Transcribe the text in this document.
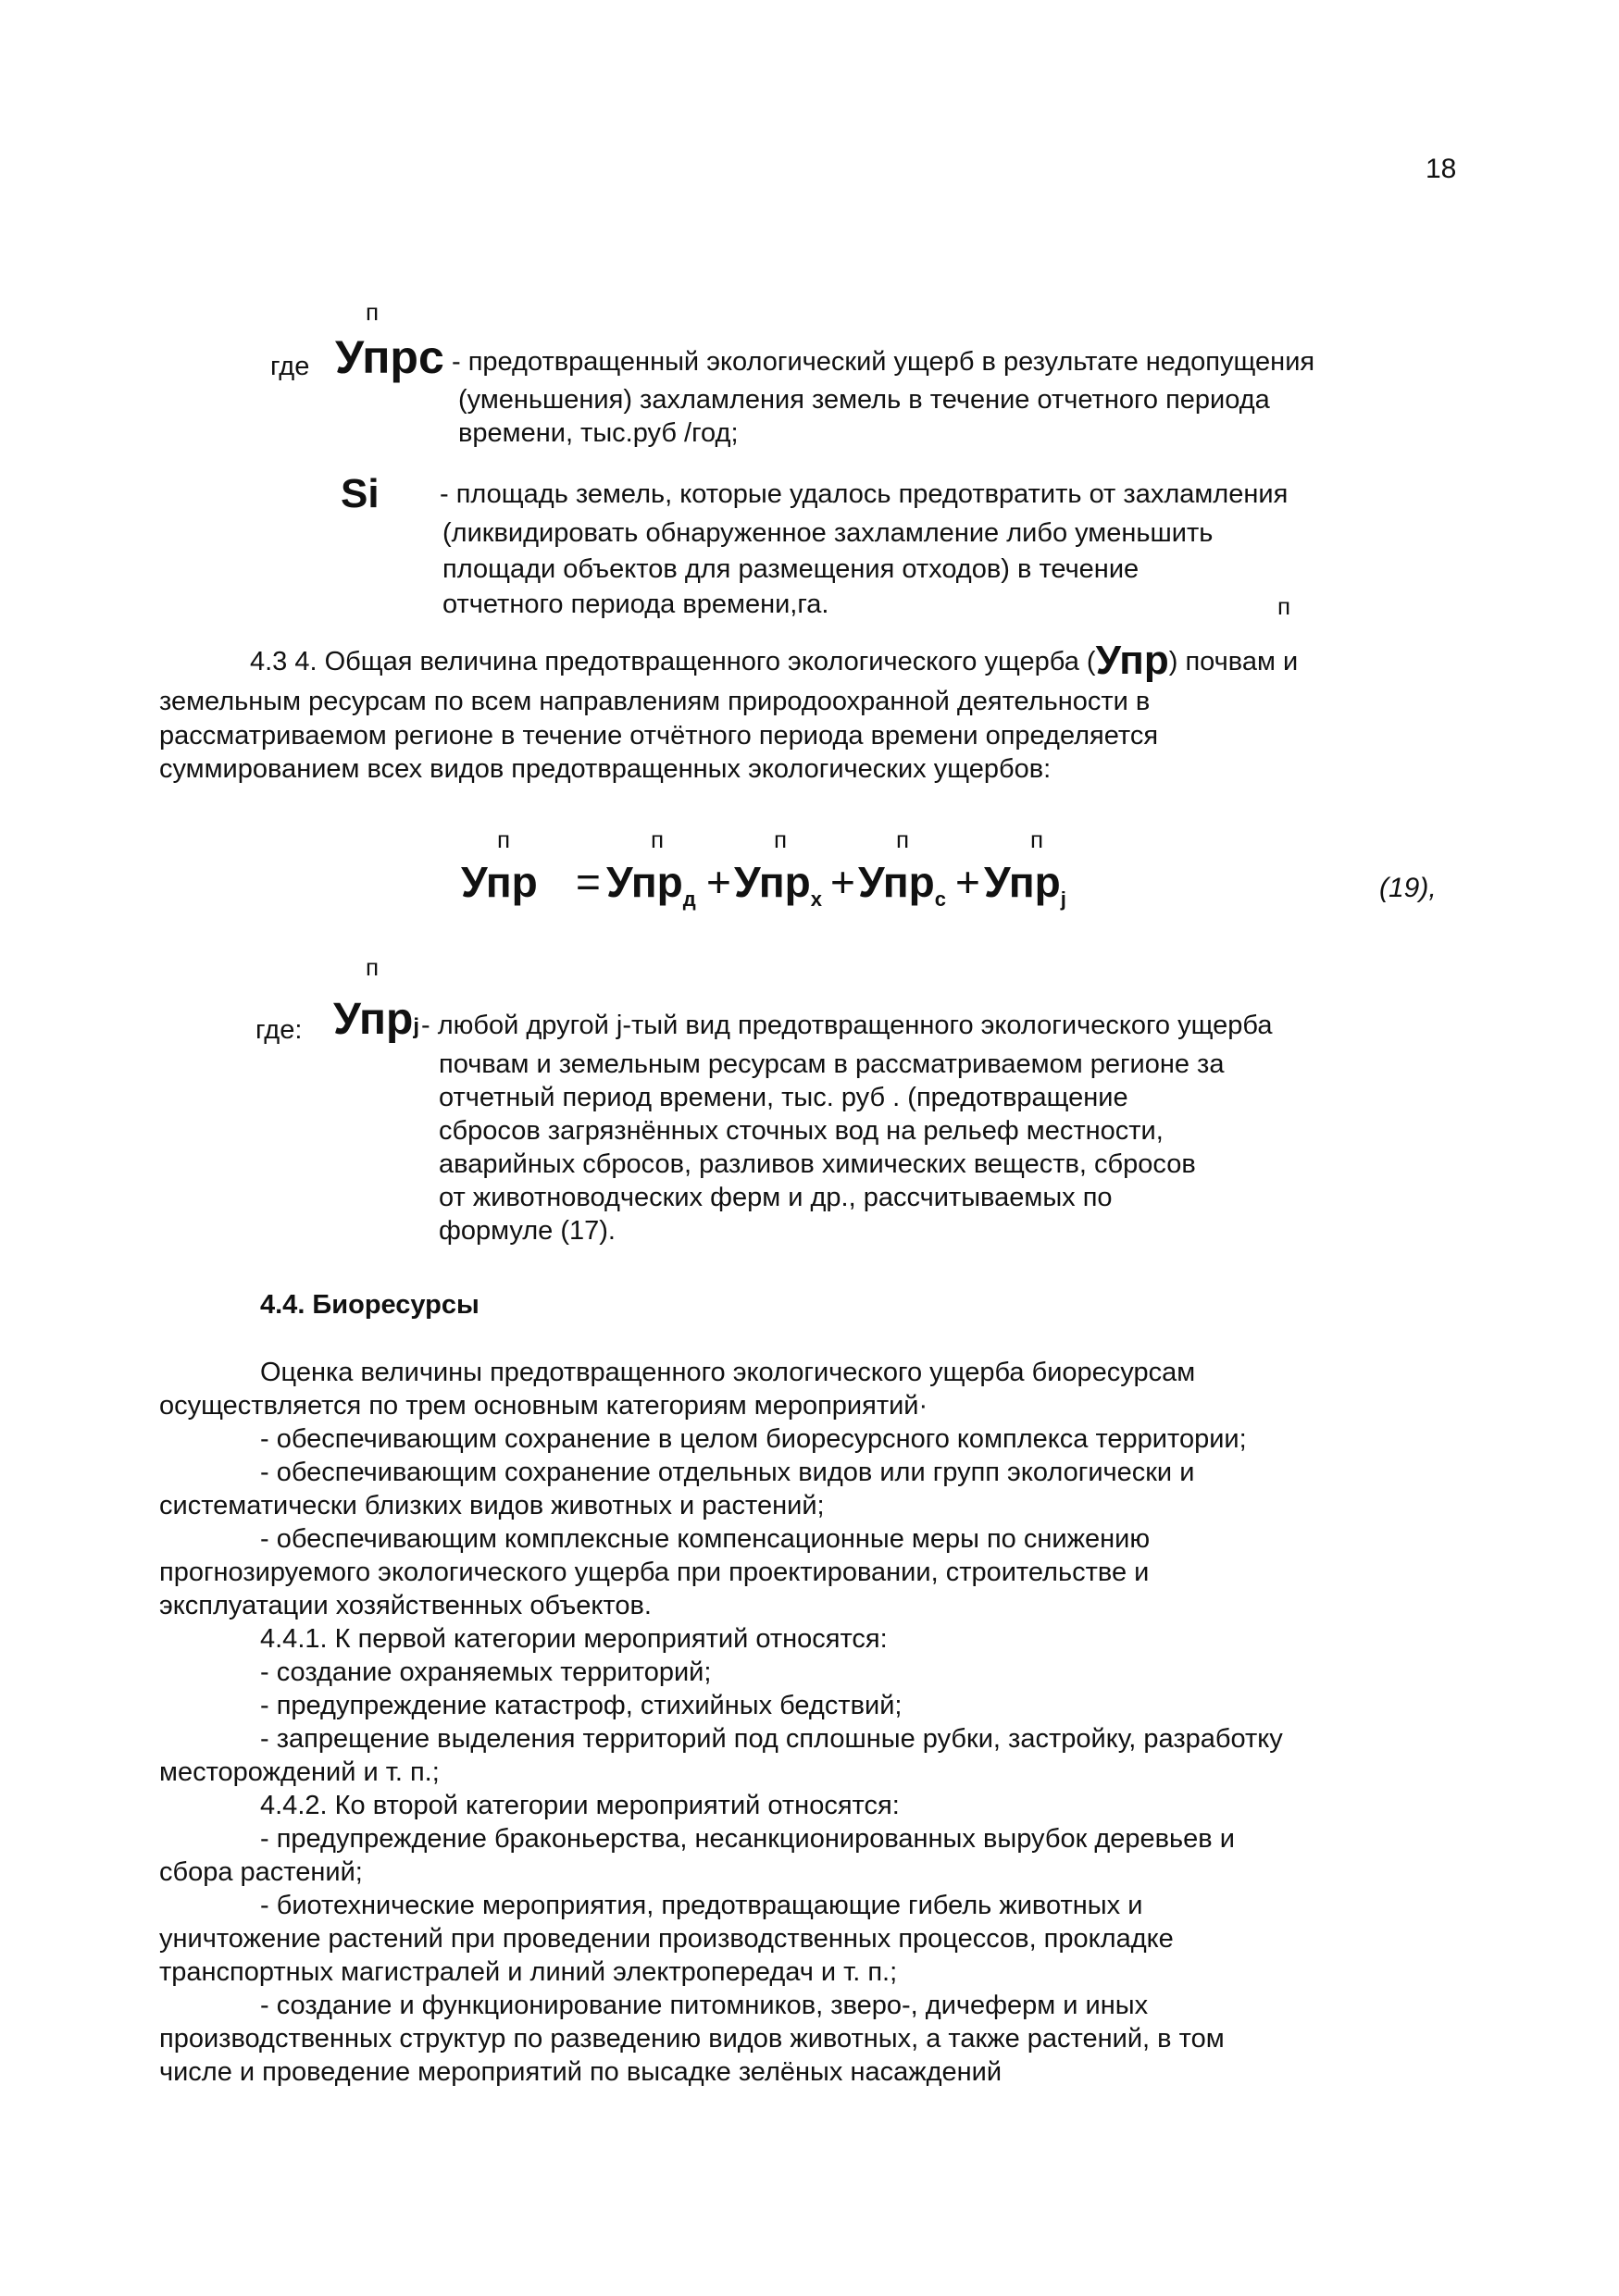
18
п
где Упрс - предотвращенный экологический ущерб в результате недопущения
(уменьшения) захламления земель в течение отчетного периода
времени, тыс.руб /год;
Si - площадь земель, которые удалось предотвратить от захламления
(ликвидировать обнаруженное захламление либо уменьшить
площади объектов для размещения отходов) в течение
отчетного периода времени,га.	п
4.3 4. Общая величина предотвращенного экологического ущерба (Упр) почвам и
земельным ресурсам по всем направлениям природоохранной деятельности в
рассматриваемом регионе в течение отчётного периода времени определяется
суммированием всех видов предотвращенных экологических ущербов:
п	п	п	п	п
Упр = Упр$_д$ + Упр$_х$ + Упр$_с$ + Упр$_j$	(19),
п
где: Упрj - любой другой j-тый вид предотвращенного экологического ущерба
почвам и земельным ресурсам в рассматриваемом регионе за
отчетный период времени, тыс. руб . (предотвращение
сбросов загрязнённых сточных вод на рельеф местности,
аварийных сбросов, разливов химических веществ, сбросов
от животноводческих ферм и др., рассчитываемых по
формуле (17).
4.4. Биоресурсы
Оценка величины предотвращенного экологического ущерба биоресурсам
осуществляется по трем основным категориям мероприятий·
- обеспечивающим сохранение в целом биоресурсного комплекса территории;
- обеспечивающим сохранение отдельных видов или групп экологически и
систематически близких видов животных и растений;
- обеспечивающим комплексные компенсационные меры по снижению
прогнозируемого экологического ущерба при проектировании, строительстве и
эксплуатации хозяйственных объектов.
4.4.1. К первой категории мероприятий относятся:
- создание охраняемых территорий;
- предупреждение катастроф, стихийных бедствий;
- запрещение выделения территорий под сплошные рубки, застройку, разработку
месторождений и т. п.;
4.4.2. Ко второй категории мероприятий относятся:
- предупреждение браконьерства, несанкционированных вырубок деревьев и
сбора растений;
- биотехнические мероприятия, предотвращающие гибель животных и
уничтожение растений при проведении производственных процессов, прокладке
транспортных магистралей и линий электропередач и т. п.;
- создание и функционирование питомников, зверо-, дичеферм и иных
производственных структур по разведению видов животных, а также растений, в том
числе и проведение мероприятий по высадке зелёных насаждений
